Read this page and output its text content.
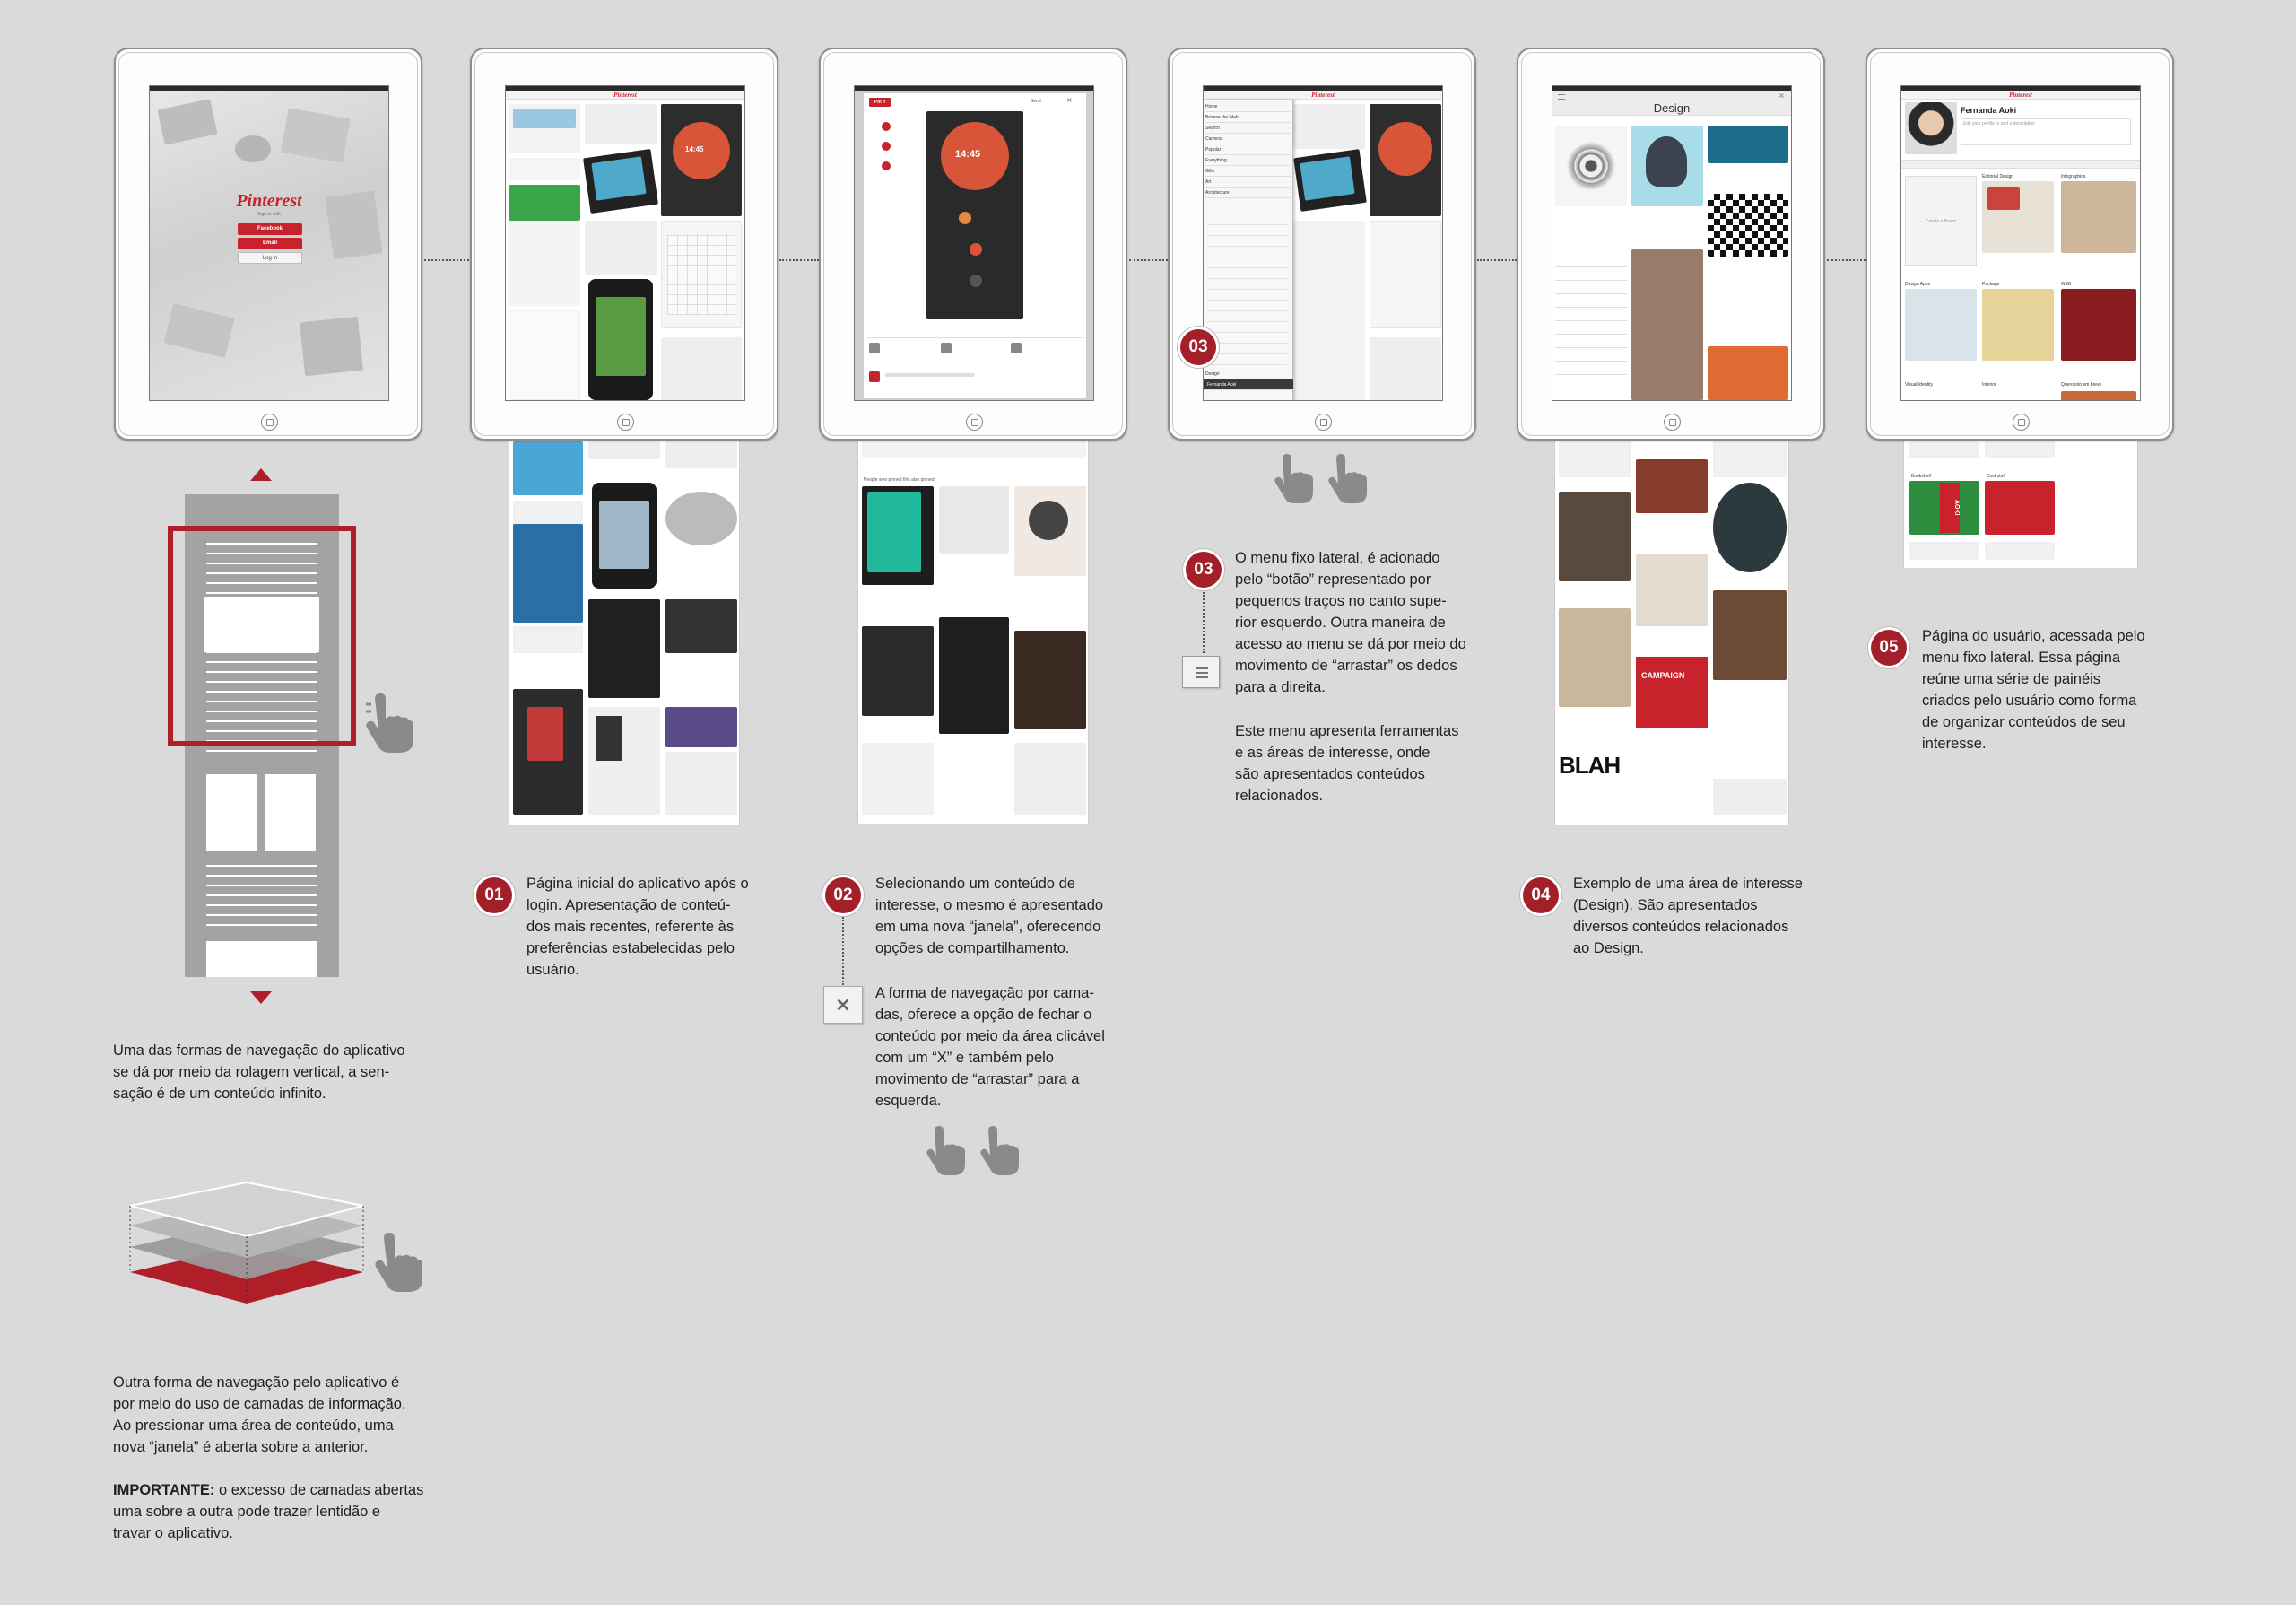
Pinterest
Sign in with
Facebook
Email
Log in
Pinterest
14:45
People who pinned this also pinned
Pin it	Send	×
14:45
Pinterest
Home
Browse the Web
Search
Camera
Popular
Everything
Gifts
Art
Architecture
Design
Fernanda Aoki
03
BLAH
CAMPAIGN
×
Design
Bookshelf	Cool stuff
AOKI
Pinterest
Fernanda Aoki
Edit your profile to add a description
Create a Board
Editorial Design	Infographics
Design Apps	Package	WEB
Visual Identity	Interior	Quero isto em breve
Uma das formas de navegação do aplicativo
se dá por meio da rolagem vertical, a sen-
sação é de um conteúdo infinito.
Outra forma de navegação pelo aplicativo é
por meio do uso de camadas de informação.
Ao pressionar uma área de conteúdo, uma
nova “janela” é aberta sobre a anterior.

IMPORTANTE: o excesso de camadas abertas
uma sobre a outra pode trazer lentidão e
travar o aplicativo.
01
Página inicial do aplicativo após o
login. Apresentação de conteú-
dos mais recentes, referente às
preferências estabelecidas pelo
usuário.
02
Selecionando um conteúdo de
interesse, o mesmo é apresentado
em uma nova “janela”, oferecendo
opções de compartilhamento.
×
A forma de navegação por cama-
das, oferece a opção de fechar o
conteúdo por meio da área clicável
com um “X” e também pelo
movimento de “arrastar” para a
esquerda.
03
O menu fixo lateral, é acionado
pelo “botão” representado por
pequenos traços no canto supe-
rior esquerdo. Outra maneira de
acesso ao menu se dá por meio do
movimento de “arrastar” os dedos
para a direita.
Este menu apresenta ferramentas
e as áreas de interesse, onde
são apresentados conteúdos
relacionados.
04
Exemplo de uma área de interesse
(Design). São apresentados
diversos conteúdos relacionados
ao Design.
05
Página do usuário, acessada pelo
menu fixo lateral. Essa página
reúne uma série de painéis
criados pelo usuário como forma
de organizar conteúdos de seu
interesse.
